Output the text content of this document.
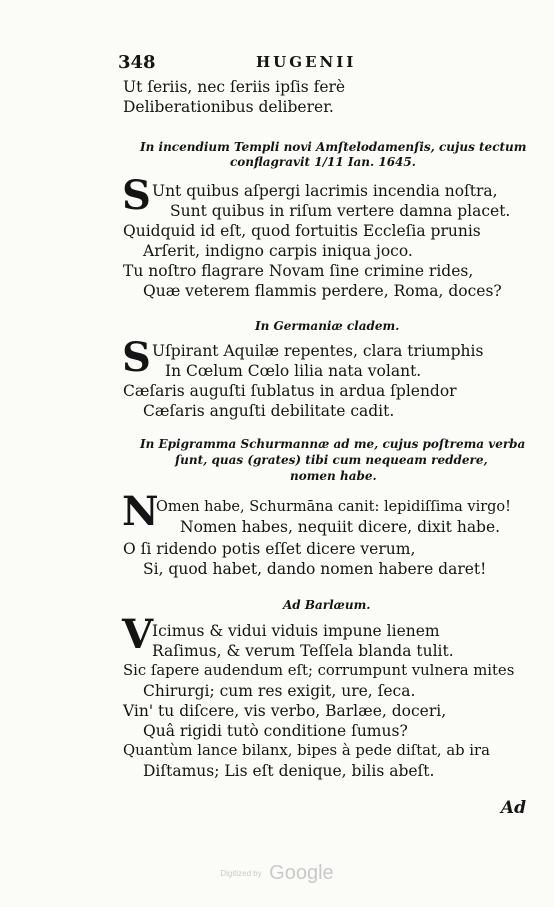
348	HUGENII
Ut ſeriis, nec ſeriis ipſis ferè
Deliberationibus deliberer.
In incendium Templi novi Amſtelodamenſis, cujus tectum
conflagravit 1/11 Ian. 1645.
S Unt quibus aſpergi lacrimis incendia noſtra,
Sunt quibus in riſum vertere damna placet.
Quidquid id eſt, quod fortuitis Eccleſia prunis
Arſerit, indigno carpis iniqua joco.
Tu noſtro flagrare Novam ſine crimine rides,
Quæ veterem flammis perdere, Roma, doces?
In Germaniæ cladem.
S Uſpirant Aquilæ repentes, clara triumphis
In Cœlum Cœlo lilia nata volant.
Cæſaris auguſti ſublatus in ardua ſplendor
Cæſaris anguſti debilitate cadit.
In Epigramma Schurmannæ ad me, cujus poſtrema verba
ſunt, quas (grates) tibi cum nequeam reddere,
nomen habe.
N
Omen habe, Schurmāna canit: lepidiſſima virgo!
Nomen habes, nequiit dicere, dixit habe.
O ſi ridendo potis eſſet dicere verum,
Si, quod habet, dando nomen habere daret!
Ad Barlæum.
V
Icimus & vidui viduis impune lienem
Raſimus, & verum Teſſela blanda tulit.
Sic ſapere audendum eſt; corrumpunt vulnera mites
Chirurgi; cum res exigit, ure, ſeca.
Vin' tu diſcere, vis verbo, Barlæe, doceri,
Quâ rigidi tutò conditione ſumus?
Quantùm lance bilanx, bipes à pede diſtat, ab ira
Diſtamus; Lis eſt denique, bilis abeſt.
Ad
Digitized by Google
